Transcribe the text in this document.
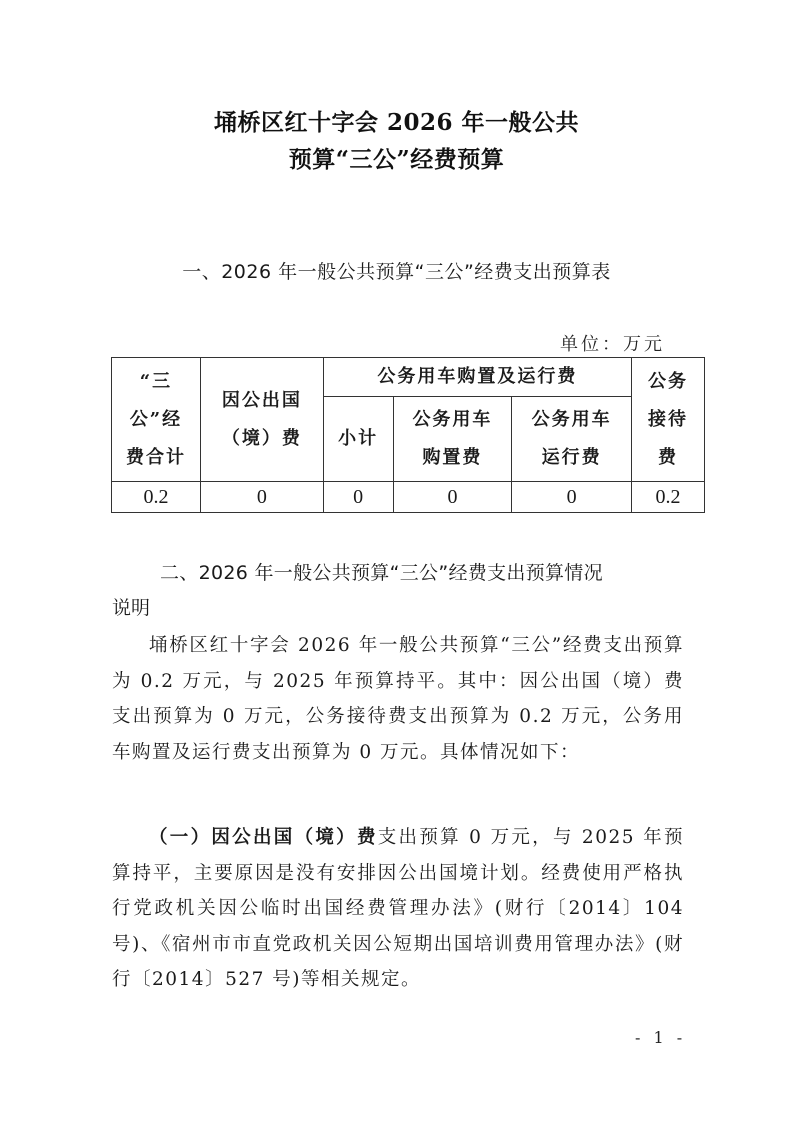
埇桥区红十字会 2026 年一般公共
预算“三公”经费预算
一、2026 年一般公共预算“三公”经费支出预算表
单位：万元
“三公”经费合计	因公出国（境）费	公务用车购置及运行费			公务接待费
		小计	公务用车购置费	公务用车运行费	
0.2	0	0	0	0	0.2
二、2026 年一般公共预算“三公”经费支出预算情况
说明
埇桥区红十字会 2026 年一般公共预算“三公”经费支出预算为 0.2 万元，与 2025 年预算持平。其中：因公出国（境）费支出预算为 0 万元，公务接待费支出预算为 0.2 万元，公务用车购置及运行费支出预算为 0 万元。具体情况如下：
（一）因公出国（境）费支出预算 0 万元，与 2025 年预算持平，主要原因是没有安排因公出国境计划。经费使用严格执行党政机关因公临时出国经费管理办法》(财行〔2014〕104 号)、《宿州市市直党政机关因公短期出国培训费用管理办法》(财行〔2014〕527 号)等相关规定。
- 1 -
